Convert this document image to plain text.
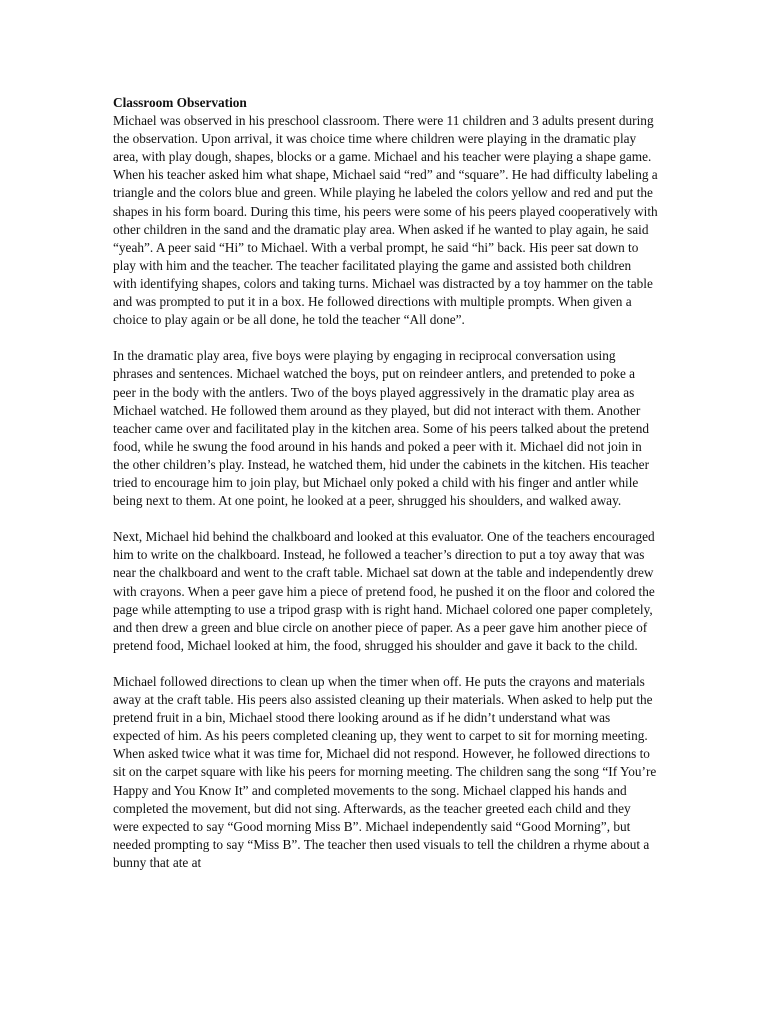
Classroom Observation

Michael was observed in his preschool classroom. There were 11 children and 3 adults present during the observation. Upon arrival, it was choice time where children were playing in the dramatic play area, with play dough, shapes, blocks or a game. Michael and his teacher were playing a shape game. When his teacher asked him what shape, Michael said “red” and “square”. He had difficulty labeling a triangle and the colors blue and green. While playing he labeled the colors yellow and red and put the shapes in his form board. During this time, his peers were some of his peers played cooperatively with other children in the sand and the dramatic play area. When asked if he wanted to play again, he said “yeah”. A peer said “Hi” to Michael. With a verbal prompt, he said “hi” back. His peer sat down to play with him and the teacher. The teacher facilitated playing the game and assisted both children with identifying shapes, colors and taking turns. Michael was distracted by a toy hammer on the table and was prompted to put it in a box. He followed directions with multiple prompts. When given a choice to play again or be all done, he told the teacher “All done”.

In the dramatic play area, five boys were playing by engaging in reciprocal conversation using phrases and sentences. Michael watched the boys, put on reindeer antlers, and pretended to poke a peer in the body with the antlers. Two of the boys played aggressively in the dramatic play area as Michael watched. He followed them around as they played, but did not interact with them. Another teacher came over and facilitated play in the kitchen area. Some of his peers talked about the pretend food, while he swung the food around in his hands and poked a peer with it. Michael did not join in the other children’s play. Instead, he watched them, hid under the cabinets in the kitchen. His teacher tried to encourage him to join play, but Michael only poked a child with his finger and antler while being next to them. At one point, he looked at a peer, shrugged his shoulders, and walked away.

Next, Michael hid behind the chalkboard and looked at this evaluator. One of the teachers encouraged him to write on the chalkboard. Instead, he followed a teacher’s direction to put a toy away that was near the chalkboard and went to the craft table. Michael sat down at the table and independently drew with crayons. When a peer gave him a piece of pretend food, he pushed it on the floor and colored the page while attempting to use a tripod grasp with is right hand. Michael colored one paper completely, and then drew a green and blue circle on another piece of paper. As a peer gave him another piece of pretend food, Michael looked at him, the food, shrugged his shoulder and gave it back to the child.

Michael followed directions to clean up when the timer when off. He puts the crayons and materials away at the craft table. His peers also assisted cleaning up their materials. When asked to help put the pretend fruit in a bin, Michael stood there looking around as if he didn’t understand what was expected of him. As his peers completed cleaning up, they went to carpet to sit for morning meeting. When asked twice what it was time for, Michael did not respond. However, he followed directions to sit on the carpet square with like his peers for morning meeting. The children sang the song “If You’re Happy and You Know It” and completed movements to the song. Michael clapped his hands and completed the movement, but did not sing. Afterwards, as the teacher greeted each child and they were expected to say “Good morning Miss B”. Michael independently said “Good Morning”, but needed prompting to say “Miss B”. The teacher then used visuals to tell the children a rhyme about a bunny that ate at
